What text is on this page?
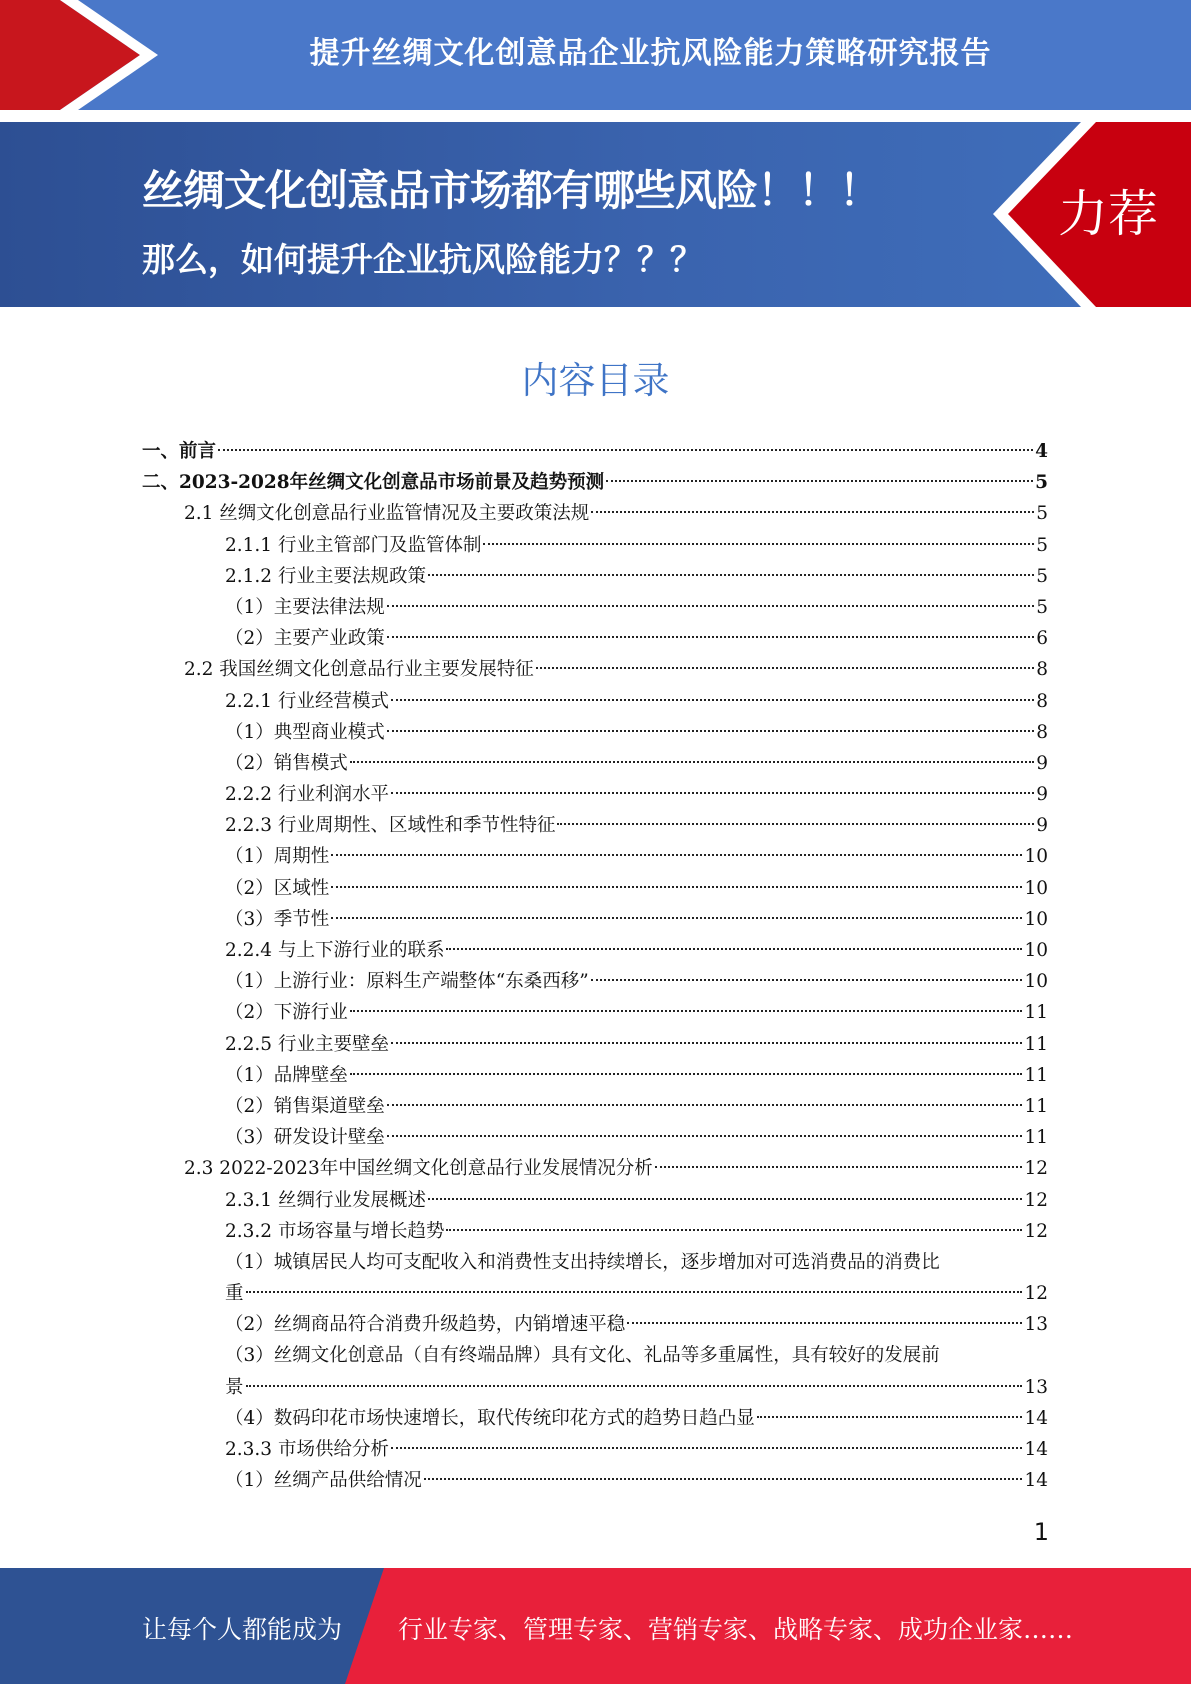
提升丝绸文化创意品企业抗风险能力策略研究报告
丝绸文化创意品市场都有哪些风险！！！
那么，如何提升企业抗风险能力？？？
力荐
内容目录
一、前言	4
二、2023-2028年丝绸文化创意品市场前景及趋势预测	5
2.1 丝绸文化创意品行业监管情况及主要政策法规	5
2.1.1 行业主管部门及监管体制	5
2.1.2 行业主要法规政策	5
（1）主要法律法规	5
（2）主要产业政策	6
2.2 我国丝绸文化创意品行业主要发展特征	8
2.2.1 行业经营模式	8
（1）典型商业模式	8
（2）销售模式	9
2.2.2 行业利润水平	9
2.2.3 行业周期性、区域性和季节性特征	9
（1）周期性	10
（2）区域性	10
（3）季节性	10
2.2.4 与上下游行业的联系	10
（1）上游行业：原料生产端整体“东桑西移”	10
（2）下游行业	11
2.2.5 行业主要壁垒	11
（1）品牌壁垒	11
（2）销售渠道壁垒	11
（3）研发设计壁垒	11
2.3 2022-2023年中国丝绸文化创意品行业发展情况分析	12
2.3.1 丝绸行业发展概述	12
2.3.2 市场容量与增长趋势	12
（1）城镇居民人均可支配收入和消费性支出持续增长，逐步增加对可选消费品的消费比
重	12
（2）丝绸商品符合消费升级趋势，内销增速平稳	13
（3）丝绸文化创意品（自有终端品牌）具有文化、礼品等多重属性，具有较好的发展前
景	13
（4）数码印花市场快速增长，取代传统印花方式的趋势日趋凸显	14
2.3.3 市场供给分析	14
（1）丝绸产品供给情况	14
1
让每个人都能成为 行业专家、管理专家、营销专家、战略专家、成功企业家……
